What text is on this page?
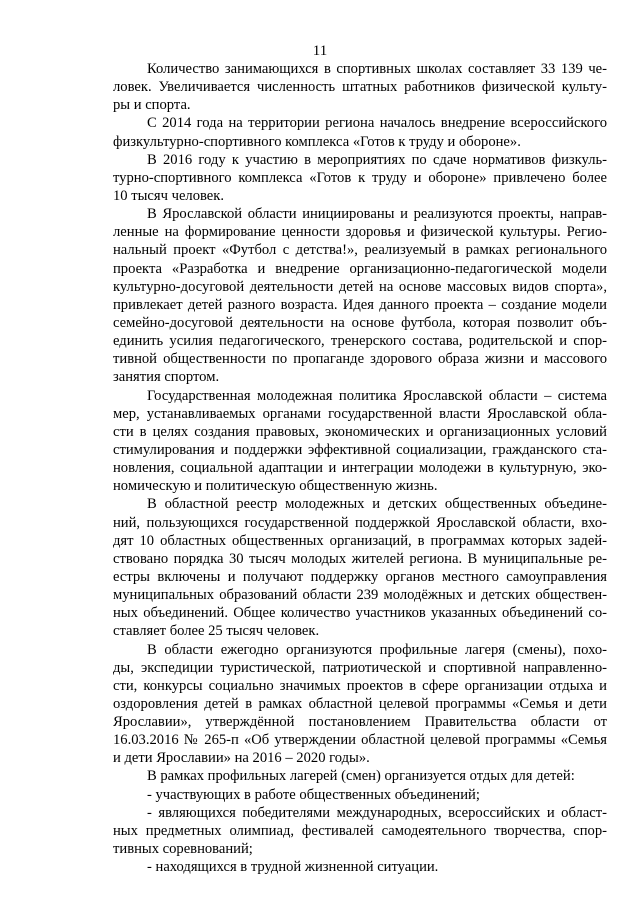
11

Количество занимающихся в спортивных школах составляет 33 139 че-
ловек. Увеличивается численность штатных работников физической культу-
ры и спорта.

С 2014 года на территории региона началось внедрение всероссийского
физкультурно-спортивного комплекса «Готов к труду и обороне».

В 2016 году к участию в мероприятиях по сдаче нормативов физкуль-
турно-спортивного комплекса «Готов к труду и обороне» привлечено более
10 тысяч человек.

В Ярославской области инициированы и реализуются проекты, направ-
ленные на формирование ценности здоровья и физической культуры. Регио-
нальный проект «Футбол с детства!», реализуемый в рамках регионального
проекта «Разработка и внедрение организационно-педагогической модели
культурно-досуговой деятельности детей на основе массовых видов спорта»,
привлекает детей разного возраста. Идея данного проекта – создание модели
семейно-досуговой деятельности на основе футбола, которая позволит объ-
единить усилия педагогического, тренерского состава, родительской и спор-
тивной общественности по пропаганде здорового образа жизни и массового
занятия спортом.

Государственная молодежная политика Ярославской области – система
мер, устанавливаемых органами государственной власти Ярославской обла-
сти в целях создания правовых, экономических и организационных условий
стимулирования и поддержки эффективной социализации, гражданского ста-
новления, социальной адаптации и интеграции молодежи в культурную, эко-
номическую и политическую общественную жизнь.

В областной реестр молодежных и детских общественных объедине-
ний, пользующихся государственной поддержкой Ярославской области, вхо-
дят 10 областных общественных организаций, в программах которых задей-
ствовано порядка 30 тысяч молодых жителей региона. В муниципальные ре-
естры включены и получают поддержку органов местного самоуправления
муниципальных образований области 239 молодёжных и детских обществен-
ных объединений. Общее количество участников указанных объединений со-
ставляет более 25 тысяч человек.

В области ежегодно организуются профильные лагеря (смены), похо-
ды, экспедиции туристической, патриотической и спортивной направленно-
сти, конкурсы социально значимых проектов в сфере организации отдыха и
оздоровления детей в рамках областной целевой программы «Семья и дети
Ярославии», утверждённой постановлением Правительства области от
16.03.2016 № 265-п «Об утверждении областной целевой программы «Семья
и дети Ярославии» на 2016 – 2020 годы».

В рамках профильных лагерей (смен) организуется отдых для детей:

- участвующих в работе общественных объединений;

- являющихся победителями международных, всероссийских и област-
ных предметных олимпиад, фестивалей самодеятельного творчества, спор-
тивных соревнований;

- находящихся в трудной жизненной ситуации.
